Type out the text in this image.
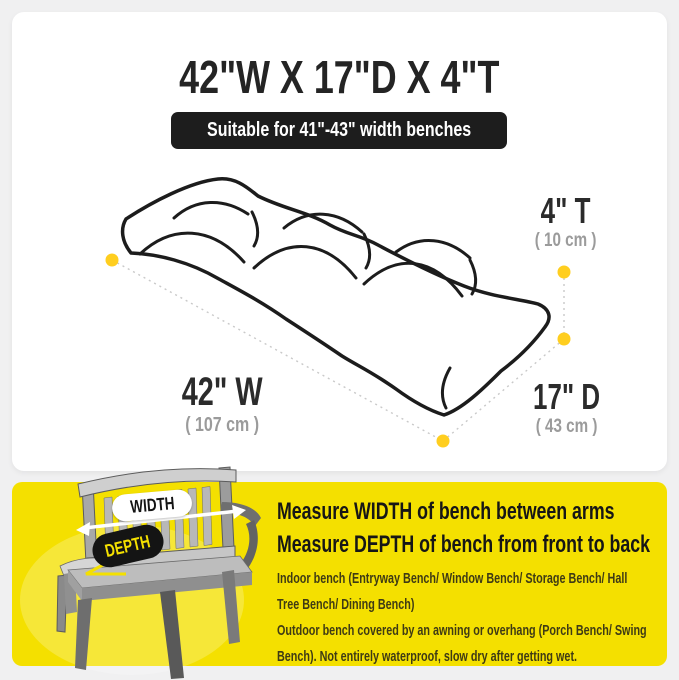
42"W X 17"D X 4"T
Suitable for 41"-43" width benches
42" W
( 107 cm )
17" D
( 43 cm )
4" T
( 10 cm )
WIDTH
DEPTH
Measure WIDTH of bench between arms
Measure DEPTH of bench from front to back

Indoor bench (Entryway Bench/ Window Bench/ Storage Bench/ Hall Tree Bench/ Dining Bench)

Outdoor bench covered by an awning or overhang (Porch Bench/ Swing Bench). Not entirely waterproof, slow dry after getting wet.
